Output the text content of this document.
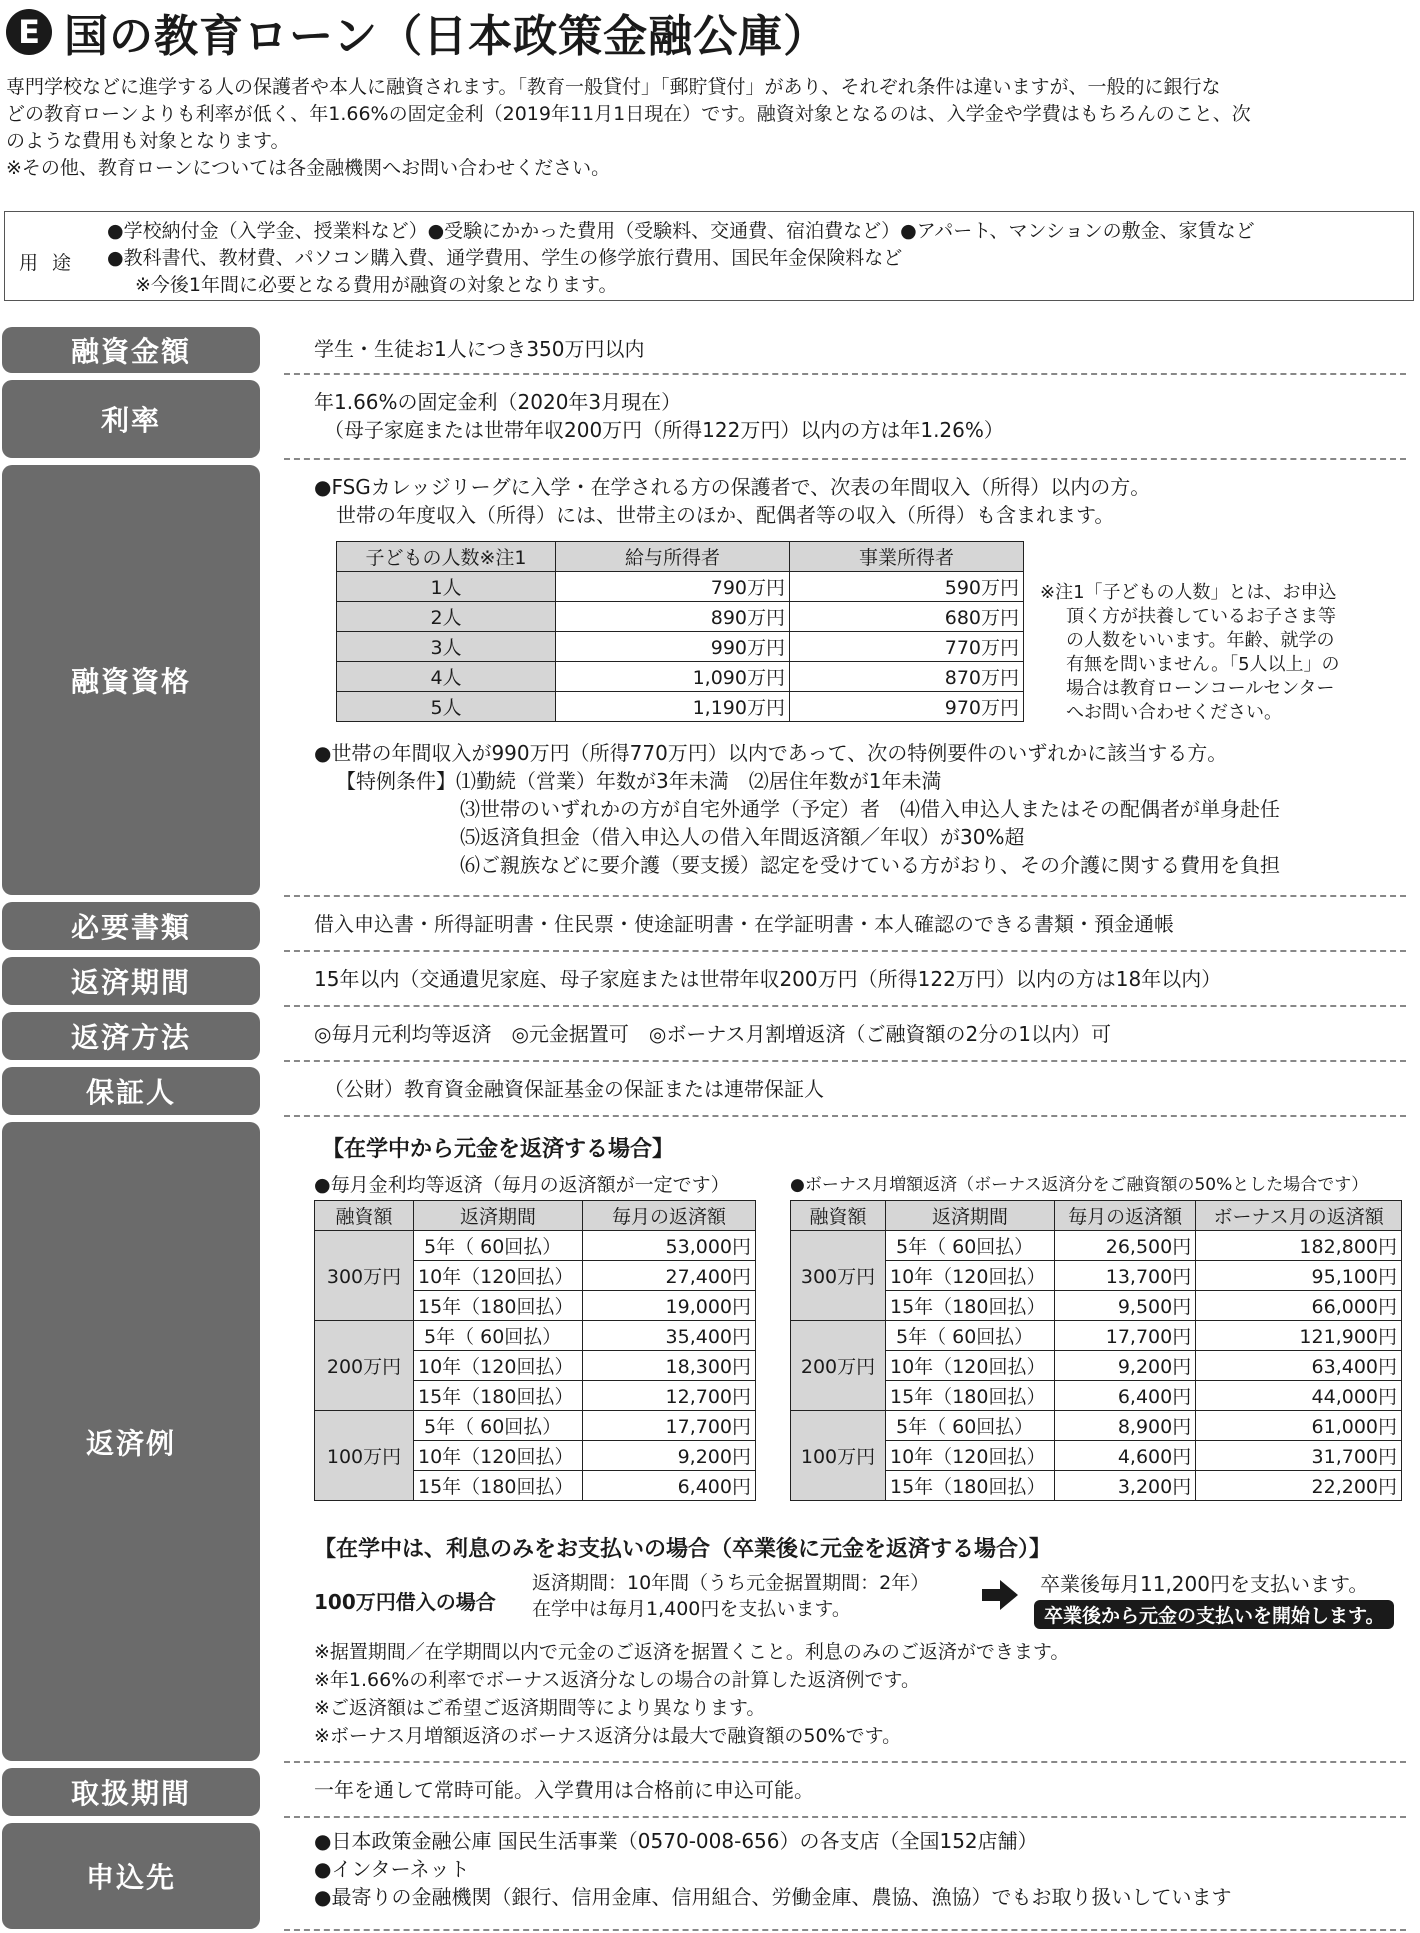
E 国の教育ローン（日本政策金融公庫）

専門学校などに進学する人の保護者や本人に融資されます。「教育一般貸付」「郵貯貸付」があり、それぞれ条件は違いますが、一般的に銀行な

どの教育ローンよりも利率が低く、年1.66%の固定金利（2019年11月1日現在）です。融資対象となるのは、入学金や学費はもちろんのこと、次

のような費用も対象となります。

※その他、教育ローンについては各金融機関へお問い合わせください。

用途
●学校納付金（入学金、授業料など）●受験にかかった費用（受験料、交通費、宿泊費など）●アパート、マンションの敷金、家賃など
●教科書代、教材費、パソコン購入費、通学費用、学生の修学旅行費用、国民年金保険料など
※今後1年間に必要となる費用が融資の対象となります。
融資金額	学生・生徒お1人につき350万円以内

利率

年1.66%の固定金利（2020年3月現在）

（母子家庭または世帯年収200万円（所得122万円）以内の方は年1.26%）

融資資格

●FSGカレッジリーグに入学・在学される方の保護者で、次表の年間収入（所得）以内の方。

世帯の年度収入（所得）には、世帯主のほか、配偶者等の収入（所得）も含まれます。

子どもの人数※注1	給与所得者	事業所得者
1人	790万円	590万円
2人	890万円	680万円
3人	990万円	770万円
4人	1,090万円	870万円
5人	1,190万円	970万円
※注1「子どもの人数」とは、お申込
頂く方が扶養しているお子さま等
の人数をいいます。年齢、就学の
有無を問いません。「5人以上」の
場合は教育ローンコールセンター
へお問い合わせください。

●世帯の年間収入が990万円（所得770万円）以内であって、次の特例要件のいずれかに該当する方。

【特例条件】⑴勤続（営業）年数が3年未満　⑵居住年数が1年未満

⑶世帯のいずれかの方が自宅外通学（予定）者　⑷借入申込人またはその配偶者が単身赴任

⑸返済負担金（借入申込人の借入年間返済額／年収）が30%超

⑹ご親族などに要介護（要支援）認定を受けている方がおり、その介護に関する費用を負担

必要書類	借入申込書・所得証明書・住民票・使途証明書・在学証明書・本人確認のできる書類・預金通帳

返済期間	15年以内（交通遺児家庭、母子家庭または世帯年収200万円（所得122万円）以内の方は18年以内）

返済方法	◎毎月元利均等返済　◎元金据置可　◎ボーナス月割増返済（ご融資額の2分の1以内）可

保証人	（公財）教育資金融資保証基金の保証または連帯保証人

返済例
【在学中から元金を返済する場合】
●毎月金利均等返済（毎月の返済額が一定です）	●ボーナス月増額返済（ボーナス返済分をご融資額の50%とした場合です）
融資額	返済期間	毎月の返済額
300万円	5年（ 60回払）	53,000円
	10年（120回払）	27,400円
	15年（180回払）	19,000円
200万円	5年（ 60回払）	35,400円
	10年（120回払）	18,300円
	15年（180回払）	12,700円
100万円	5年（ 60回払）	17,700円
	10年（120回払）	9,200円
	15年（180回払）	6,400円
融資額	返済期間	毎月の返済額	ボーナス月の返済額
300万円	5年（ 60回払）	26,500円	182,800円
	10年（120回払）	13,700円	95,100円
	15年（180回払）	9,500円	66,000円
200万円	5年（ 60回払）	17,700円	121,900円
	10年（120回払）	9,200円	63,400円
	15年（180回払）	6,400円	44,000円
100万円	5年（ 60回払）	8,900円	61,000円
	10年（120回払）	4,600円	31,700円
	15年（180回払）	3,200円	22,200円
【在学中は、利息のみをお支払いの場合（卒業後に元金を返済する場合）】
100万円借入の場合
返済期間：10年間（うち元金据置期間：2年）
在学中は毎月1,400円を支払います。
卒業後毎月11,200円を支払います。
卒業後から元金の支払いを開始します。
※据置期間／在学期間以内で元金のご返済を据置くこと。利息のみのご返済ができます。
※年1.66%の利率でボーナス返済分なしの場合の計算した返済例です。
※ご返済額はご希望ご返済期間等により異なります。
※ボーナス月増額返済のボーナス返済分は最大で融資額の50%です。
取扱期間	一年を通して常時可能。入学費用は合格前に申込可能。

申込先

●日本政策金融公庫 国民生活事業（0570-008-656）の各支店（全国152店舗）

●インターネット

●最寄りの金融機関（銀行、信用金庫、信用組合、労働金庫、農協、漁協）でもお取り扱いしています
